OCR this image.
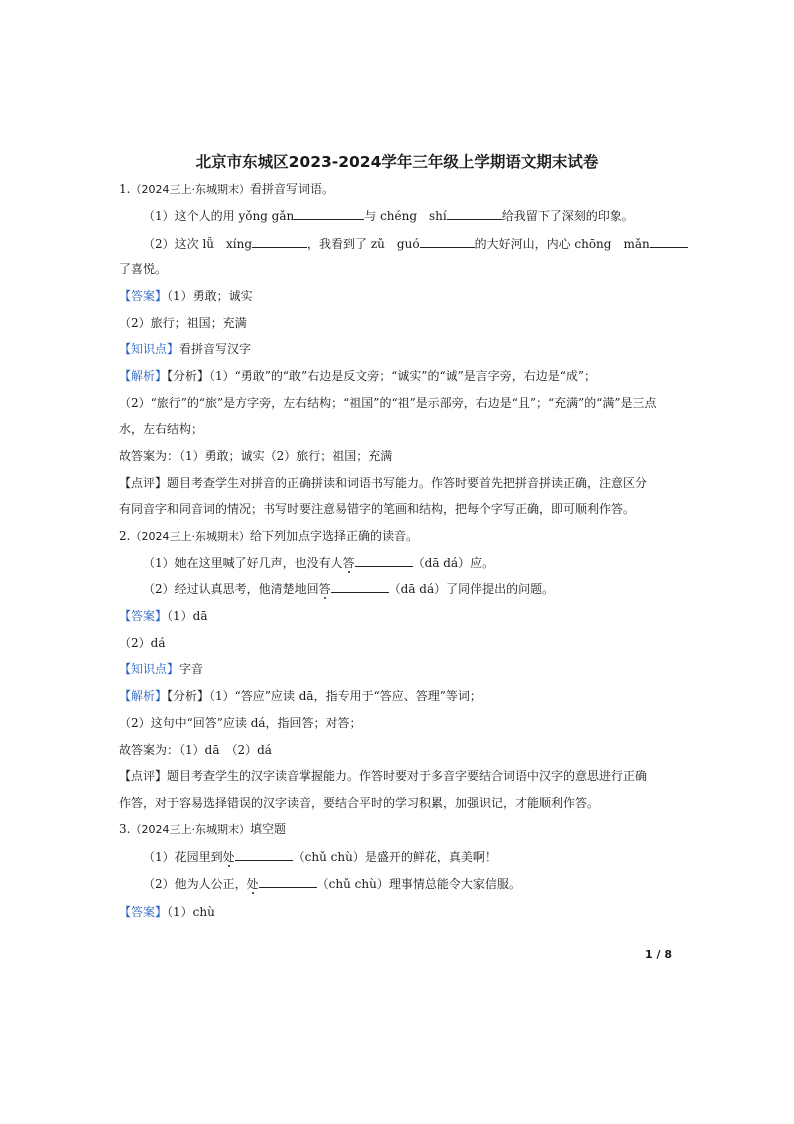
北京市东城区2023-2024学年三年级上学期语文期末试卷
1.（2024三上·东城期末）看拼音写词语。
（1）这个人的用 yǒng gǎn	与 chéng　shí	给我留下了深刻的印象。
（2）这次 lǚ　xíng	，我看到了 zǔ　guó	的大好河山，内心 chōng　mǎn
了喜悦。
【答案】（1）勇敢；诚实
（2）旅行；祖国；充满
【知识点】看拼音写汉字
【解析】【分析】（1）“勇敢”的“敢”右边是反文旁；“诚实”的“诚”是言字旁，右边是“成”；
（2）“旅行”的“旅”是方字旁，左右结构；“祖国”的“祖”是示部旁，右边是“且”；“充满”的“满”是三点
水，左右结构；
故答案为：（1）勇敢；诚实（2）旅行；祖国；充满
【点评】题目考查学生对拼音的正确拼读和词语书写能力。作答时要首先把拼音拼读正确，注意区分
有同音字和同音词的情况；书写时要注意易错字的笔画和结构，把每个字写正确，即可顺利作答。
2.（2024三上·东城期末）给下列加点字选择正确的读音。
（1）她在这里喊了好几声，也没有人答	（dā dá）应。
（2）经过认真思考，他清楚地回答	（dā dá）了同伴提出的问题。
【答案】（1）dā
（2）dá
【知识点】字音
【解析】【分析】（1）“答应”应读 dā，指专用于“答应、答理”等词；
（2）这句中“回答”应读 dá，指回答；对答；
故答案为：（1）dā　（2）dá
【点评】题目考查学生的汉字读音掌握能力。作答时要对于多音字要结合词语中汉字的意思进行正确
作答，对于容易选择错误的汉字读音，要结合平时的学习积累，加强识记，才能顺利作答。
3.（2024三上·东城期末）填空题
（1）花园里到处	（chǔ chù）是盛开的鲜花，真美啊！
（2）他为人公正，处	（chǔ chù）理事情总能令大家信服。
【答案】（1）chù
1 / 8
